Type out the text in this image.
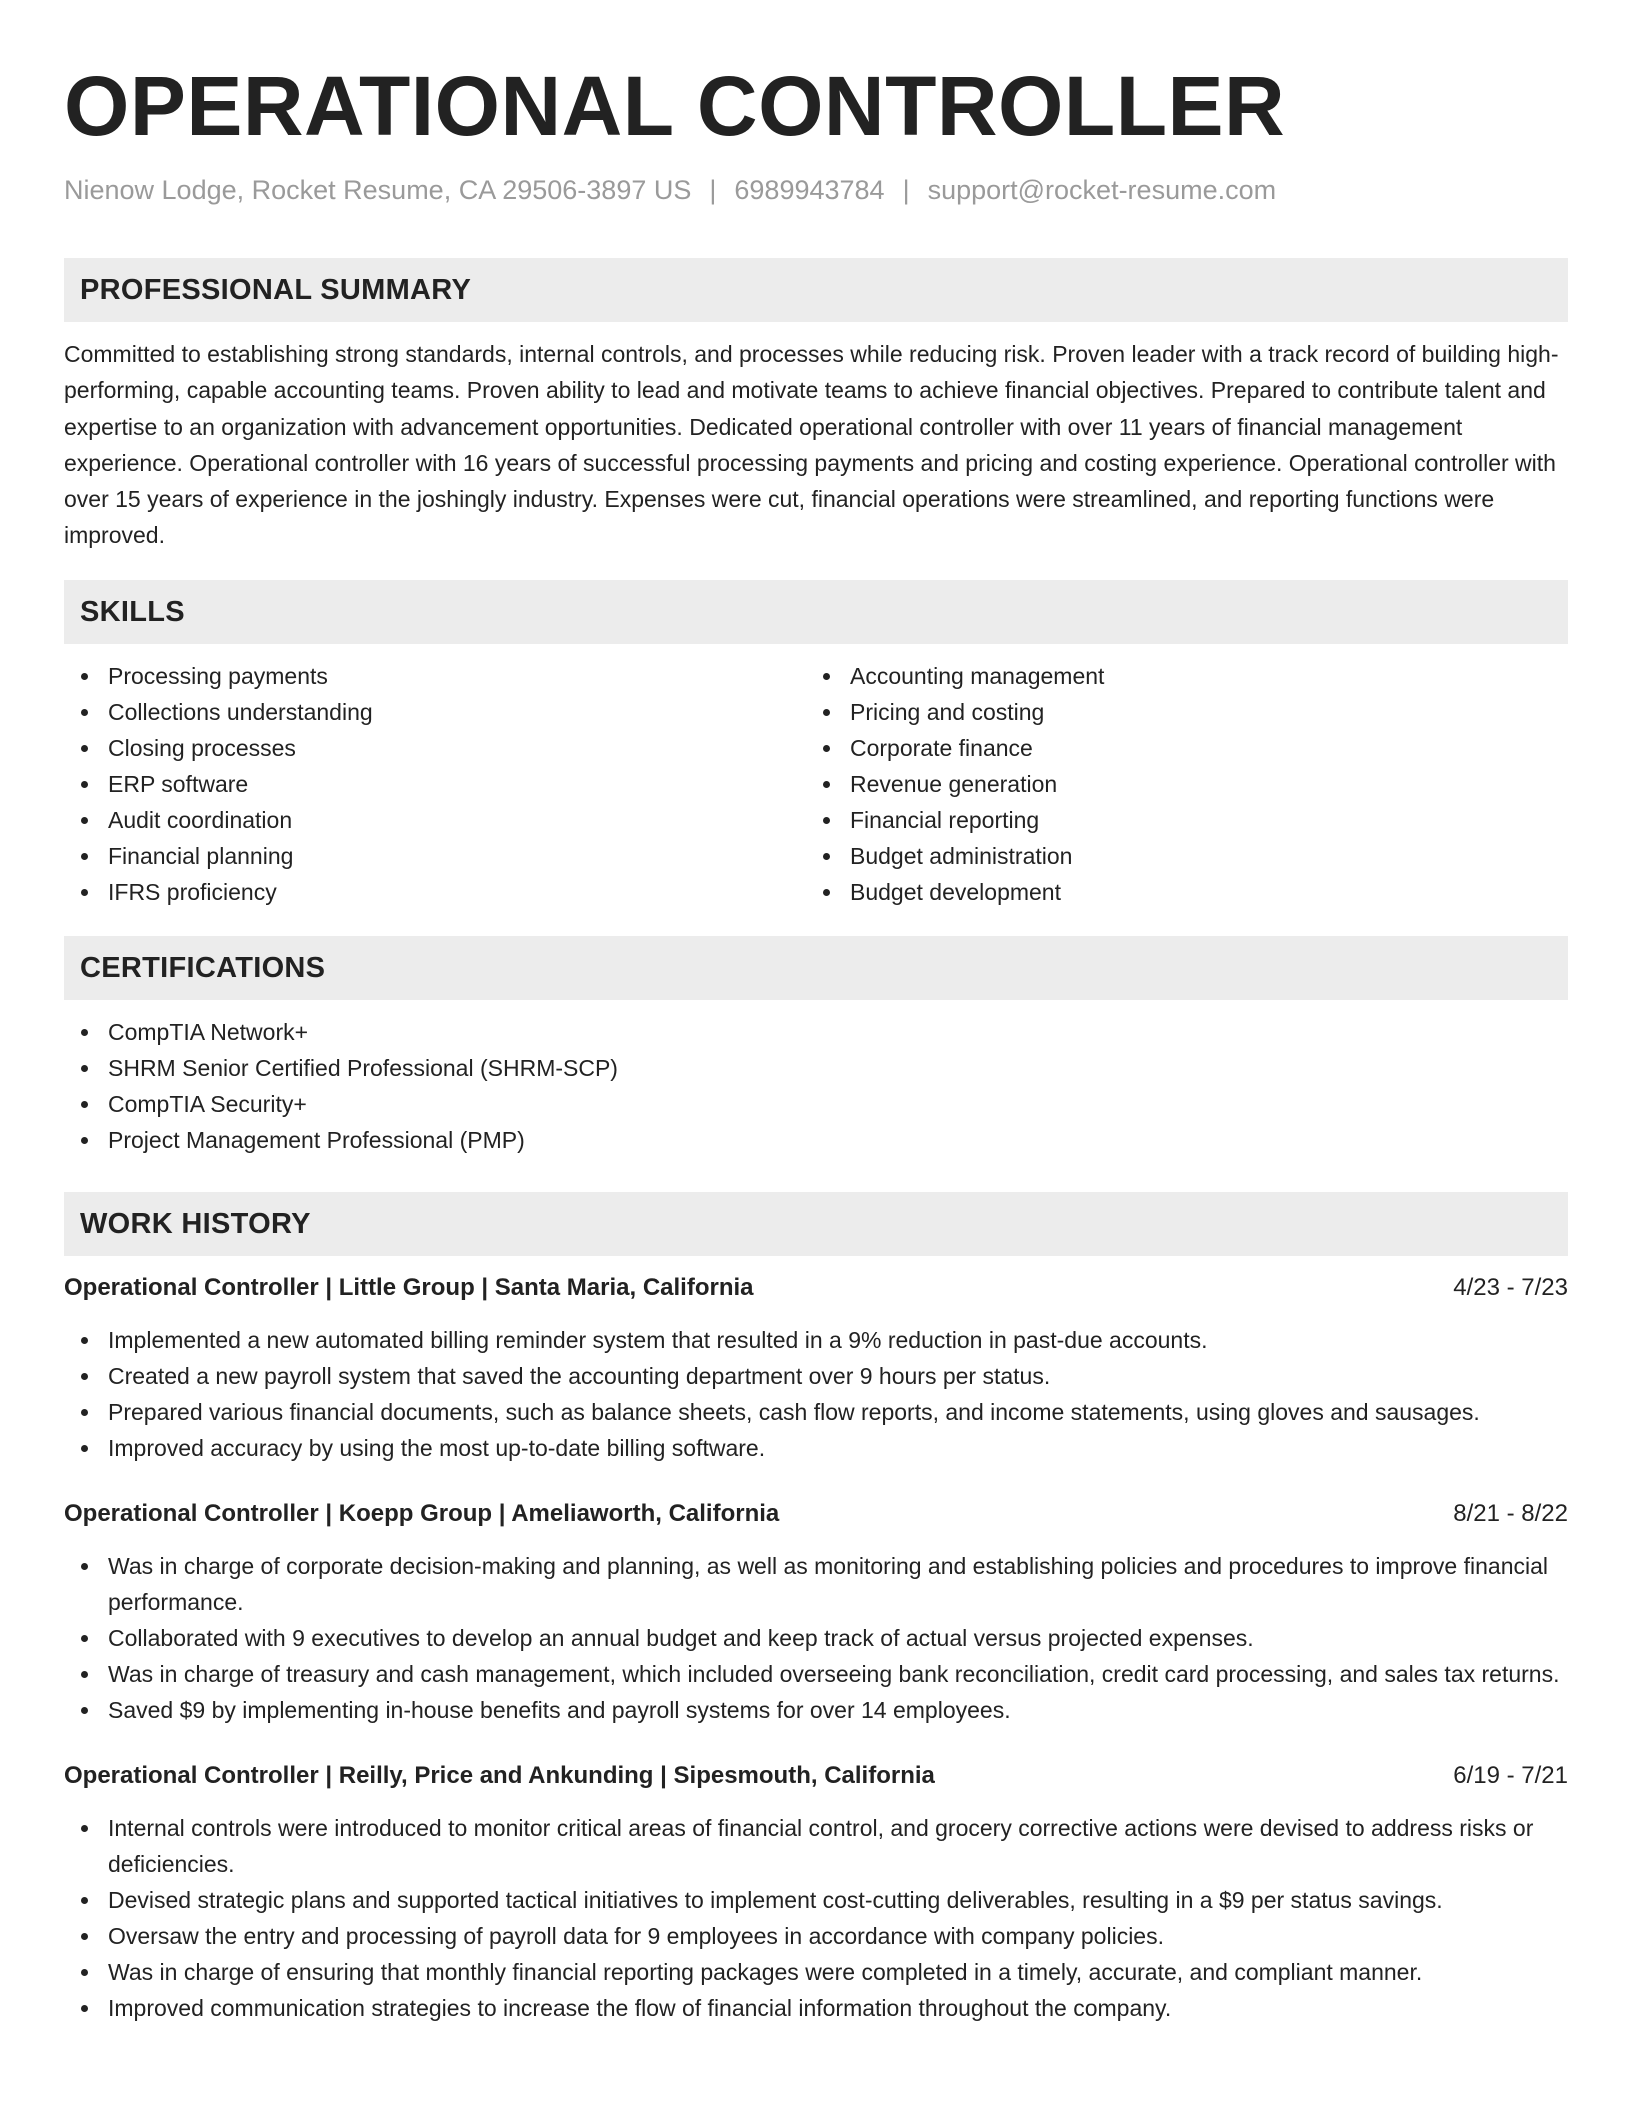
OPERATIONAL CONTROLLER
Nienow Lodge, Rocket Resume, CA 29506-3897 US | 6989943784 | support@rocket-resume.com
PROFESSIONAL SUMMARY

Committed to establishing strong standards, internal controls, and processes while reducing risk. Proven leader with a track record of building high-performing, capable accounting teams. Proven ability to lead and motivate teams to achieve financial objectives. Prepared to contribute talent and expertise to an organization with advancement opportunities. Dedicated operational controller with over 11 years of financial management experience. Operational controller with 16 years of successful processing payments and pricing and costing experience. Operational controller with over 15 years of experience in the joshingly industry. Expenses were cut, financial operations were streamlined, and reporting functions were improved.

SKILLS
Processing payments
Collections understanding
Closing processes
ERP software
Audit coordination
Financial planning
IFRS proficiency
Accounting management
Pricing and costing
Corporate finance
Revenue generation
Financial reporting
Budget administration
Budget development
CERTIFICATIONS
CompTIA Network+
SHRM Senior Certified Professional (SHRM-SCP)
CompTIA Security+
Project Management Professional (PMP)
WORK HISTORY
Operational Controller | Little Group | Santa Maria, California	4/23 - 7/23
Implemented a new automated billing reminder system that resulted in a 9% reduction in past-due accounts.
Created a new payroll system that saved the accounting department over 9 hours per status.
Prepared various financial documents, such as balance sheets, cash flow reports, and income statements, using gloves and sausages.
Improved accuracy by using the most up-to-date billing software.
Operational Controller | Koepp Group | Ameliaworth, California	8/21 - 8/22
Was in charge of corporate decision-making and planning, as well as monitoring and establishing policies and procedures to improve financial performance.
Collaborated with 9 executives to develop an annual budget and keep track of actual versus projected expenses.
Was in charge of treasury and cash management, which included overseeing bank reconciliation, credit card processing, and sales tax returns.
Saved $9 by implementing in-house benefits and payroll systems for over 14 employees.
Operational Controller | Reilly, Price and Ankunding | Sipesmouth, California	6/19 - 7/21
Internal controls were introduced to monitor critical areas of financial control, and grocery corrective actions were devised to address risks or deficiencies.
Devised strategic plans and supported tactical initiatives to implement cost-cutting deliverables, resulting in a $9 per status savings.
Oversaw the entry and processing of payroll data for 9 employees in accordance with company policies.
Was in charge of ensuring that monthly financial reporting packages were completed in a timely, accurate, and compliant manner.
Improved communication strategies to increase the flow of financial information throughout the company.
